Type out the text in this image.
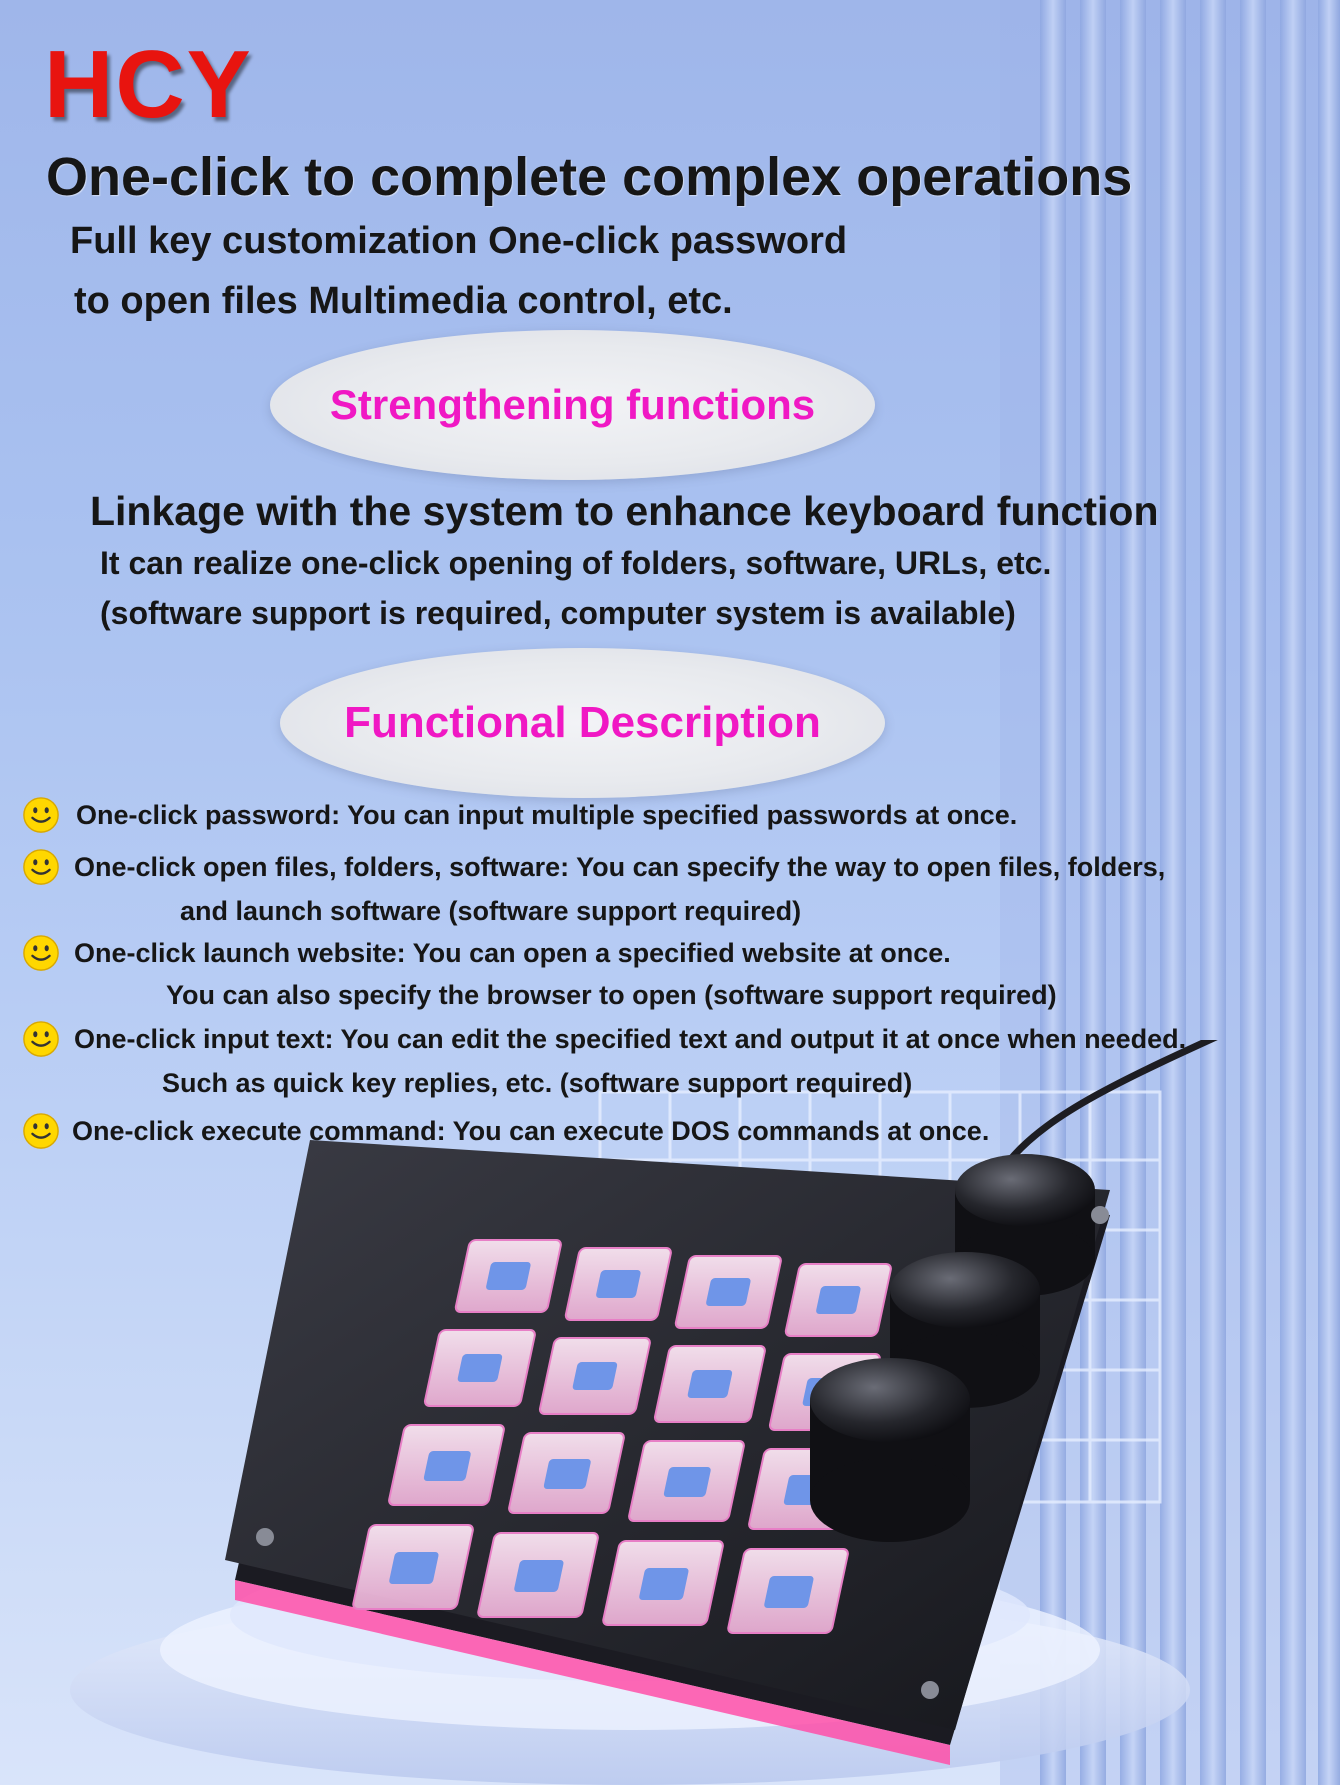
HCY
One-click to complete complex operations

Full key customization One-click password

to open files Multimedia control, etc.

Strengthening functions

Linkage with the system to enhance keyboard function

It can realize one-click opening of folders, software, URLs, etc.

(software support is required, computer system is available)

Functional Description
One-click password: You can input multiple specified passwords at once.
One-click open files, folders, software: You can specify the way to open files, folders,
and launch software (software support required)
One-click launch website: You can open a specified website at once.
You can also specify the browser to open (software support required)
One-click input text: You can edit the specified text and output it at once when needed.
Such as quick key replies, etc. (software support required)
One-click execute command: You can execute DOS commands at once.
